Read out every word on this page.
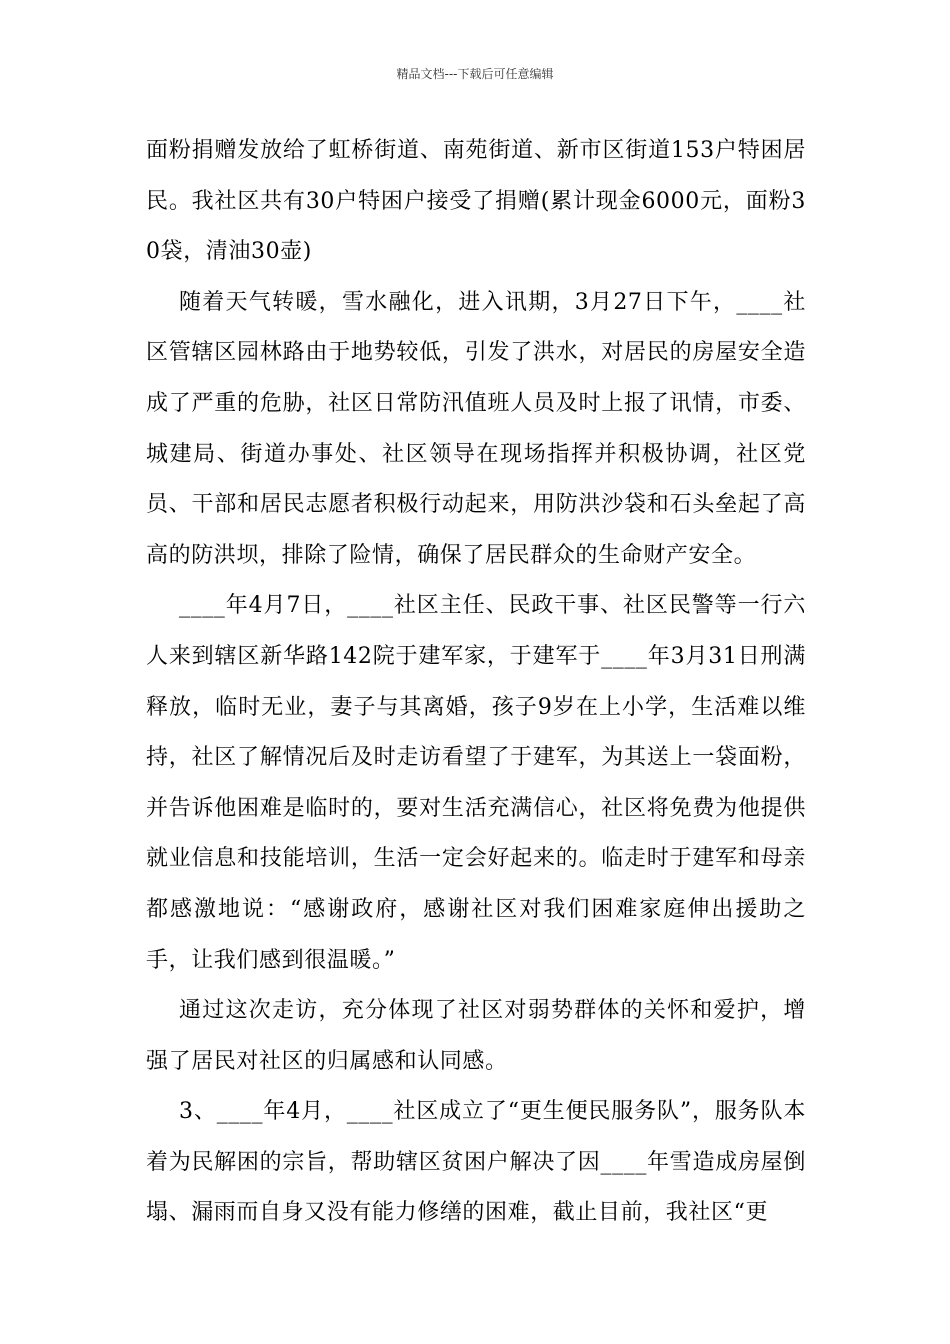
精品文档---下载后可任意编辑

面粉捐赠发放给了虹桥街道、南苑街道、新市区街道153户特困居民。我社区共有30户特困户接受了捐赠(累计现金6000元，面粉30袋，清油30壶)

随着天气转暖，雪水融化，进入讯期，3月27日下午，____社区管辖区园林路由于地势较低，引发了洪水，对居民的房屋安全造成了严重的危胁，社区日常防汛值班人员及时上报了讯情，市委、城建局、街道办事处、社区领导在现场指挥并积极协调，社区党员、干部和居民志愿者积极行动起来，用防洪沙袋和石头垒起了高高的防洪坝，排除了险情，确保了居民群众的生命财产安全。

____年4月7日，____社区主任、民政干事、社区民警等一行六人来到辖区新华路142院于建军家，于建军于____年3月31日刑满释放，临时无业，妻子与其离婚，孩子9岁在上小学，生活难以维持，社区了解情况后及时走访看望了于建军，为其送上一袋面粉，并告诉他困难是临时的，要对生活充满信心，社区将免费为他提供就业信息和技能培训，生活一定会好起来的。临走时于建军和母亲都感激地说：“感谢政府，感谢社区对我们困难家庭伸出援助之手，让我们感到很温暖。”

通过这次走访，充分体现了社区对弱势群体的关怀和爱护，增强了居民对社区的归属感和认同感。

3、____年4月，____社区成立了“更生便民服务队”，服务队本着为民解困的宗旨，帮助辖区贫困户解决了因____年雪造成房屋倒塌、漏雨而自身又没有能力修缮的困难，截止目前，我社区“更
